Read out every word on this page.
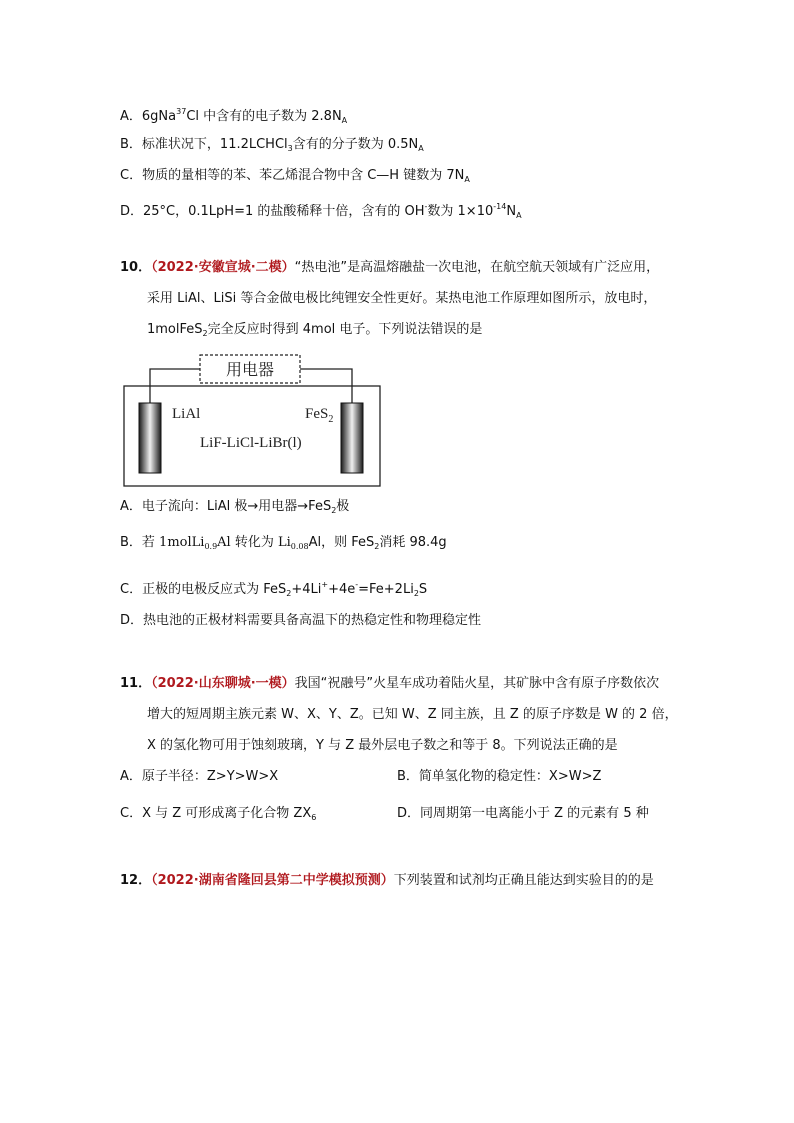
A．6gNa$^{37}$Cl 中含有的电子数为 $2.8N_A$
B．标准状况下，11.2LCHCl$_3$含有的分子数为 $0.5N_A$
C．物质的量相等的苯、苯乙烯混合物中含 C—H 键数为 $7N_A$
D．25°C，0.1LpH=1 的盐酸稀释十倍，含有的 OH-数为 $1\times 10^{-14}N_A$
10．（2022·安徽宣城·二模）“热电池”是高温熔融盐一次电池，在航空航天领域有广泛应用，
采用 LiAl、LiSi 等合金做电极比纯锂安全性更好。某热电池工作原理如图所示，放电时，
1molFeS$_2$完全反应时得到 4mol 电子。下列说法错误的是
用电器
LiAl	FeS$_2$
LiF-LiCl-LiBr(l)
A．电子流向：LiAl 极→用电器→FeS$_2$极
B．若 1molLi$_{0.9}$Al 转化为 $Li_{0.08}Al$，则 FeS$_2$消耗 98.4g
C．正极的电极反应式为 $FeS_2+4Li^++4e^-=Fe+2Li_2S$
D．热电池的正极材料需要具备高温下的热稳定性和物理稳定性
11．（2022·山东聊城·一模）我国“祝融号”火星车成功着陆火星，其矿脉中含有原子序数依次
增大的短周期主族元素 W、X、Y、Z。已知 W、Z 同主族，且 Z 的原子序数是 W 的 2 倍，
X 的氢化物可用于蚀刻玻璃，Y 与 Z 最外层电子数之和等于 8。下列说法正确的是
A．原子半径：Z>Y>W>X	B．简单氢化物的稳定性：X>W>Z
C．X 与 Z 可形成离子化合物 $ZX_6$	D．同周期第一电离能小于 Z 的元素有 5 种
12．（2022·湖南省隆回县第二中学模拟预测）下列装置和试剂均正确且能达到实验目的的是
